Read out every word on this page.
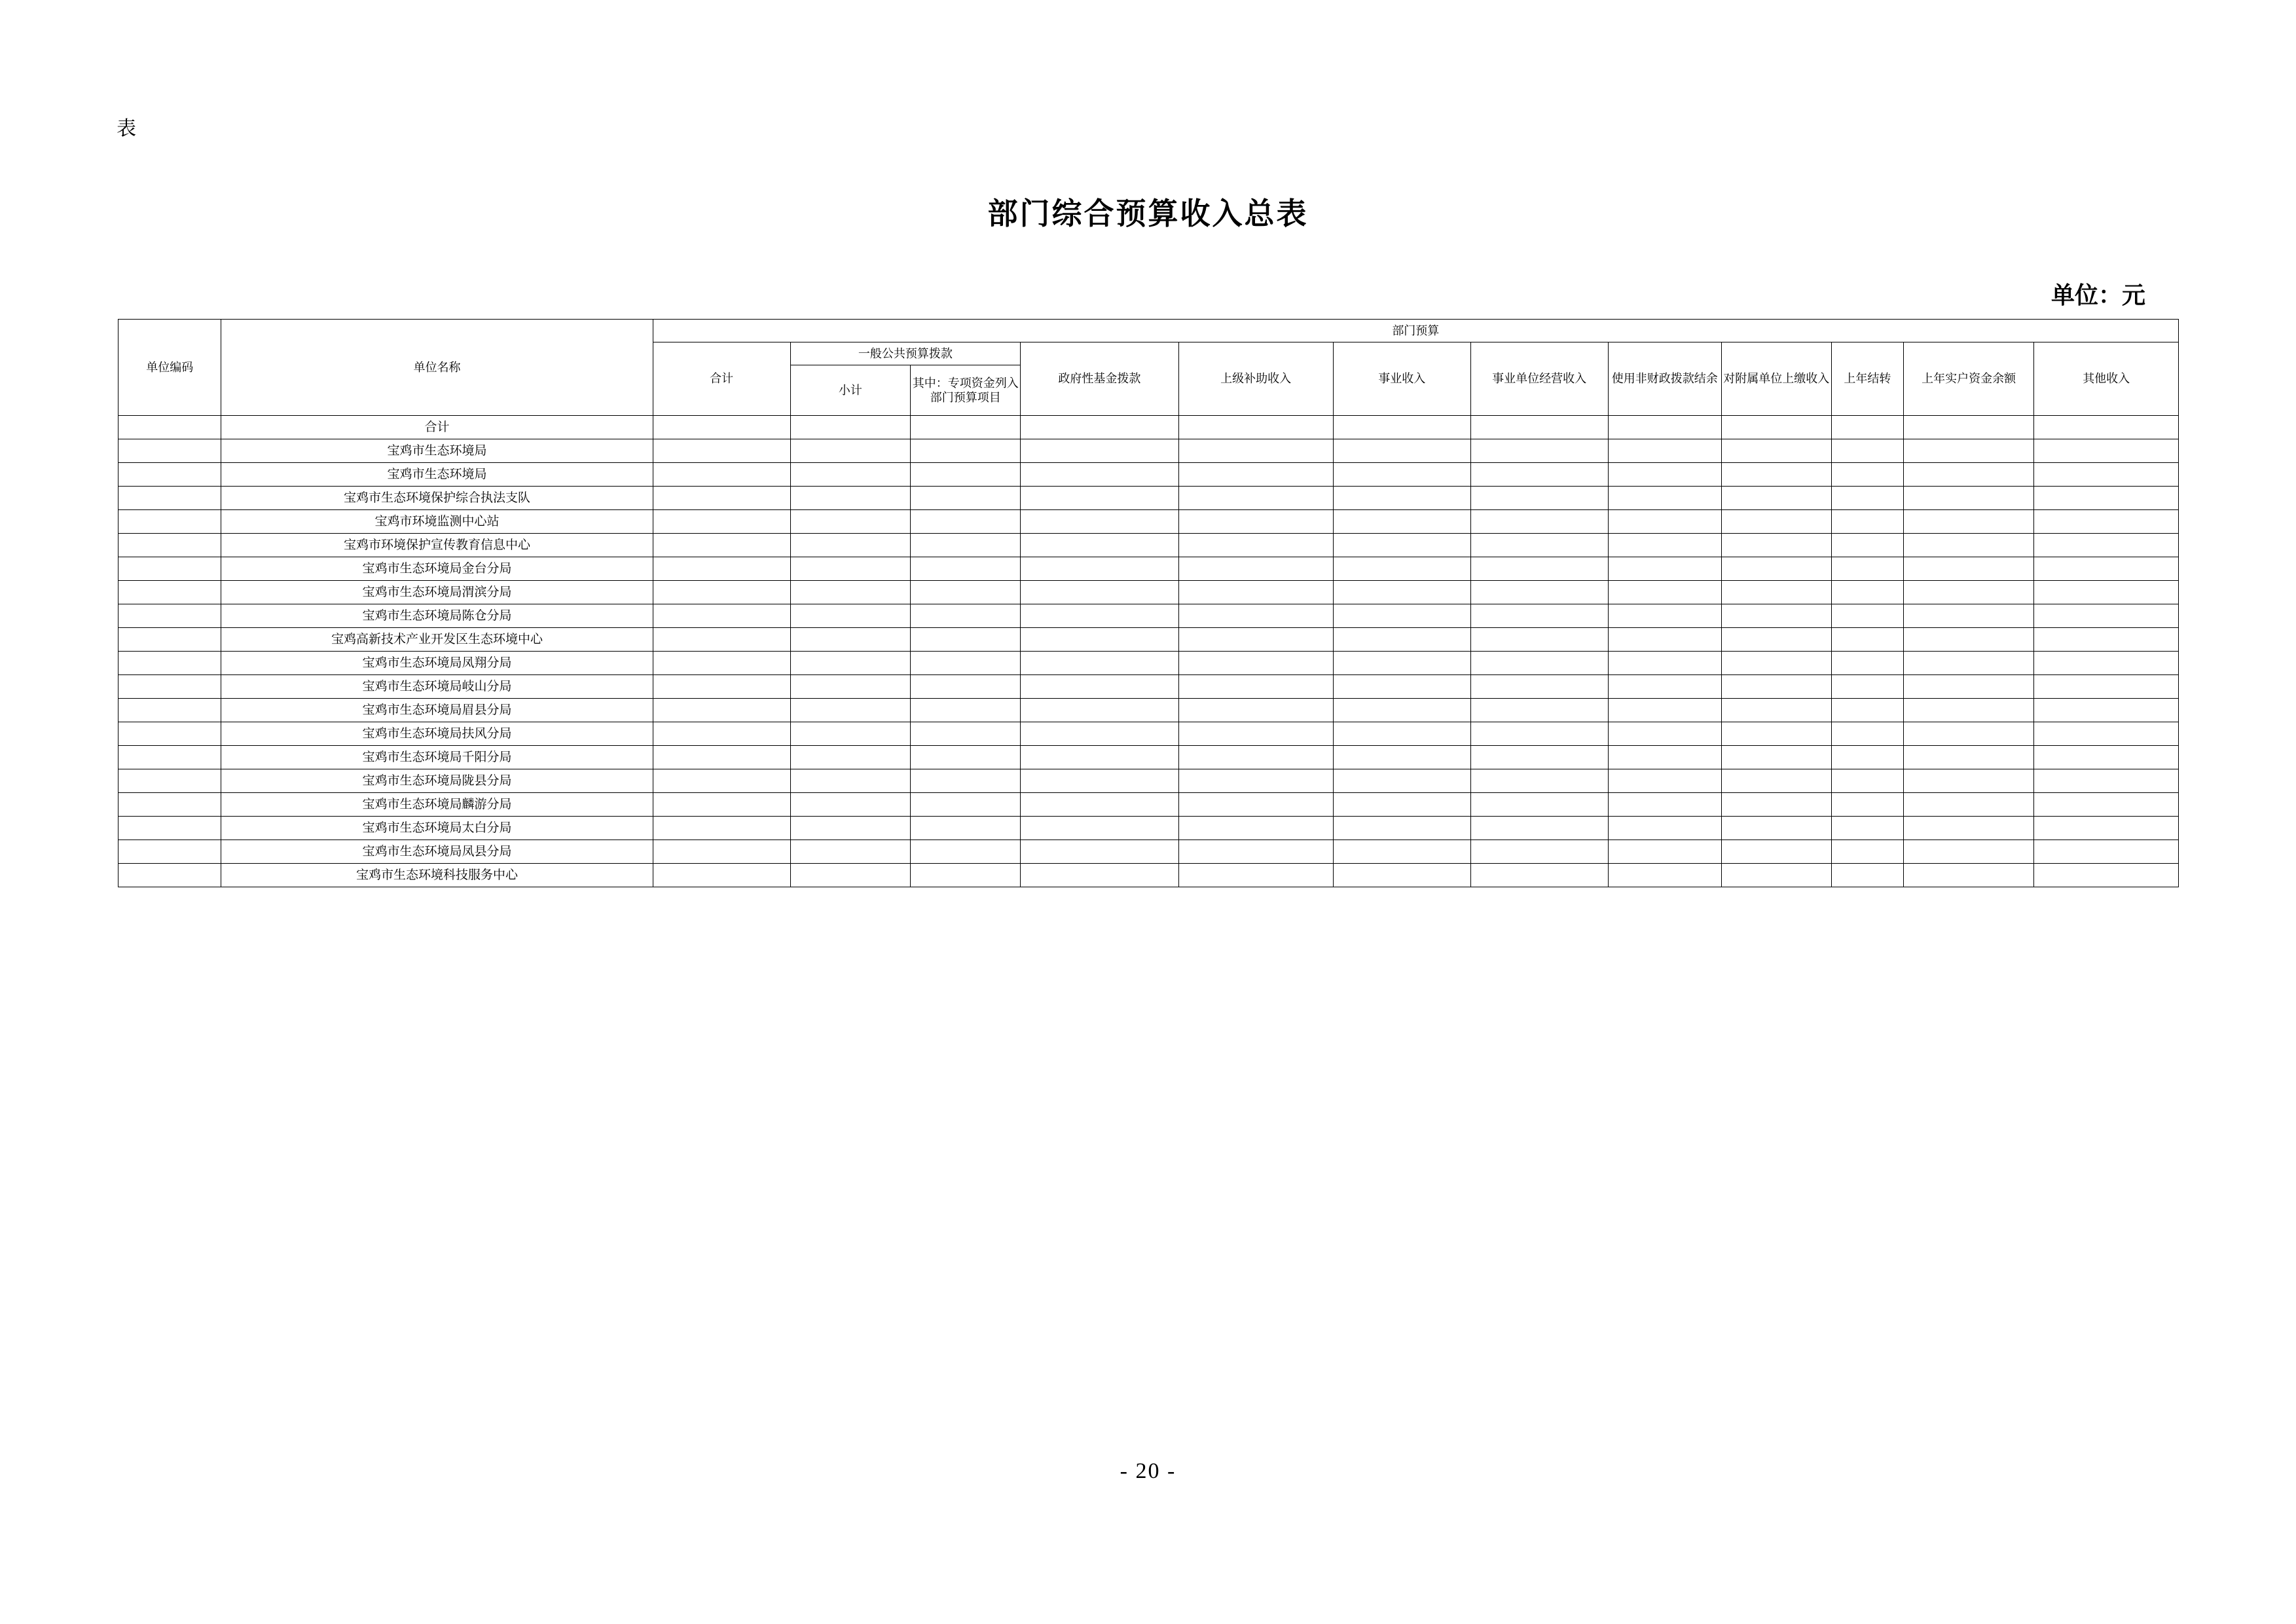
表
部门综合预算收入总表
单位：元
单位编码	单位名称	部门预算											
		合计	一般公共预算拨款		政府性基金拨款	上级补助收入	事业收入	事业单位经营收入	使用非财政拨款结余	对附属单位上缴收入	上年结转	上年实户资金余额	其他收入
			小计	其中：专项资金列入部门预算项目									
	合计												
	宝鸡市生态环境局												
	宝鸡市生态环境局												
	宝鸡市生态环境保护综合执法支队												
	宝鸡市环境监测中心站												
	宝鸡市环境保护宣传教育信息中心												
	宝鸡市生态环境局金台分局												
	宝鸡市生态环境局渭滨分局												
	宝鸡市生态环境局陈仓分局												
	宝鸡高新技术产业开发区生态环境中心												
	宝鸡市生态环境局凤翔分局												
	宝鸡市生态环境局岐山分局												
	宝鸡市生态环境局眉县分局												
	宝鸡市生态环境局扶风分局												
	宝鸡市生态环境局千阳分局												
	宝鸡市生态环境局陇县分局												
	宝鸡市生态环境局麟游分局												
	宝鸡市生态环境局太白分局												
	宝鸡市生态环境局凤县分局												
	宝鸡市生态环境科技服务中心												
- 20 -
